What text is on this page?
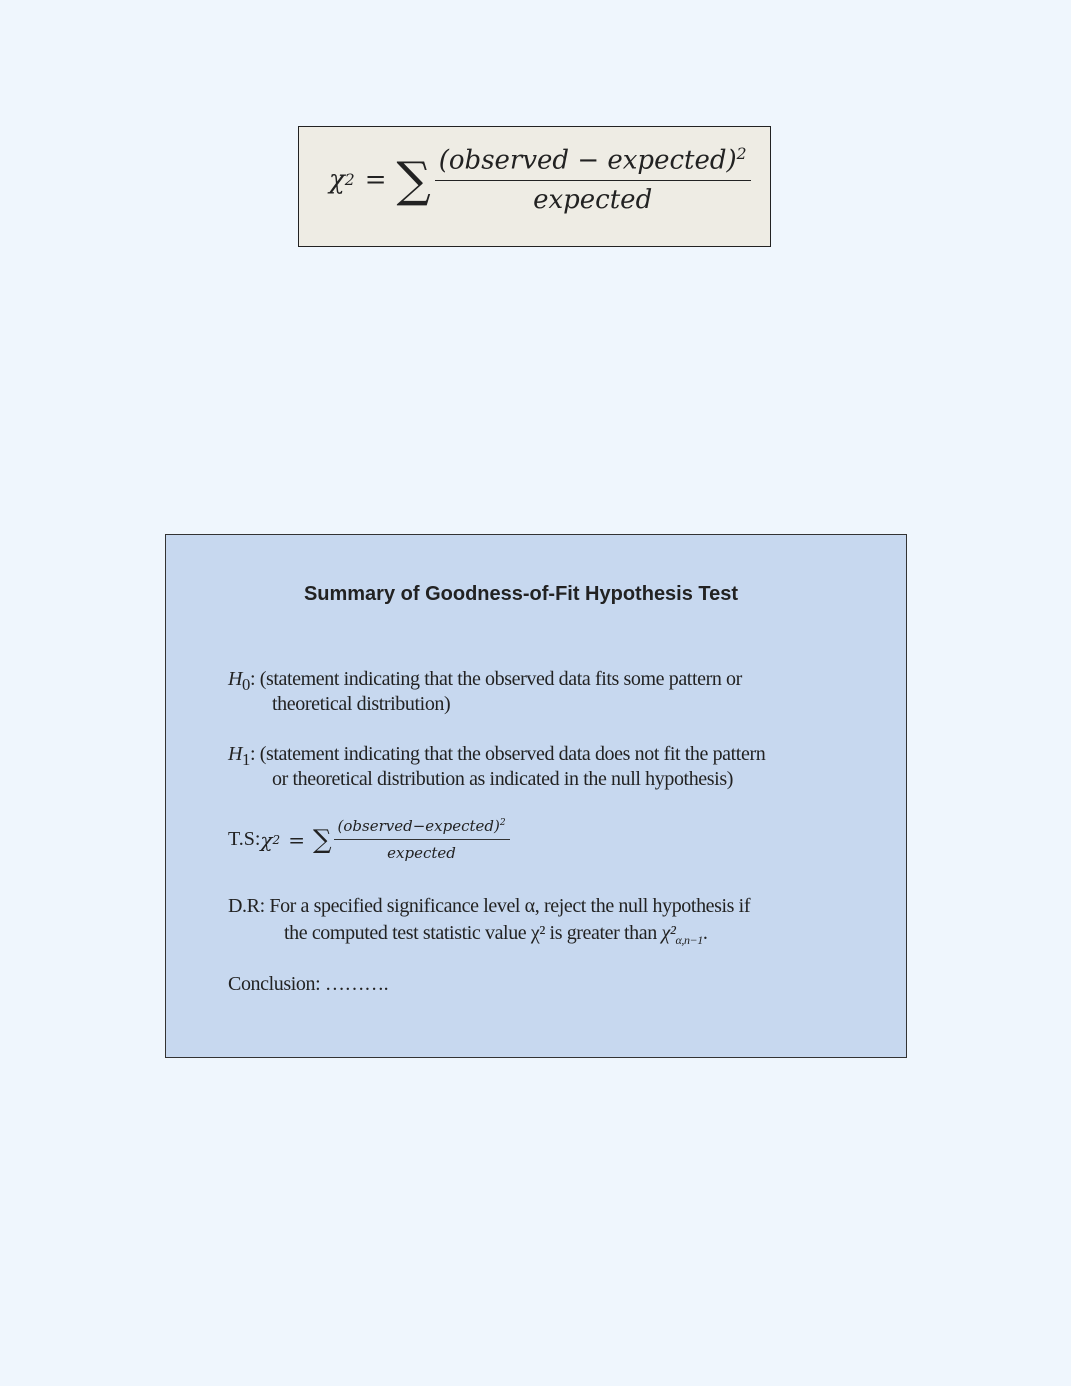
χ 2 = ∑ $\frac{(observed - expected)^2}{\text{expected}}$
Summary of Goodness-of-Fit Hypothesis Test
$H_0$: (statement indicating that the observed data fits some pattern or
theoretical distribution)
$H_1$: (statement indicating that the observed data does not fit the pattern
or theoretical distribution as indicated in the null hypothesis)
T.S: χ 2 = ∑ $\frac{(observed-expected)^2}{\text{expected}}$
D.R: For a specified significance level α, reject the null hypothesis if
the computed test statistic value χ² is greater than $\chi^2_{\alpha,n-1}$.
Conclusion: ……….
